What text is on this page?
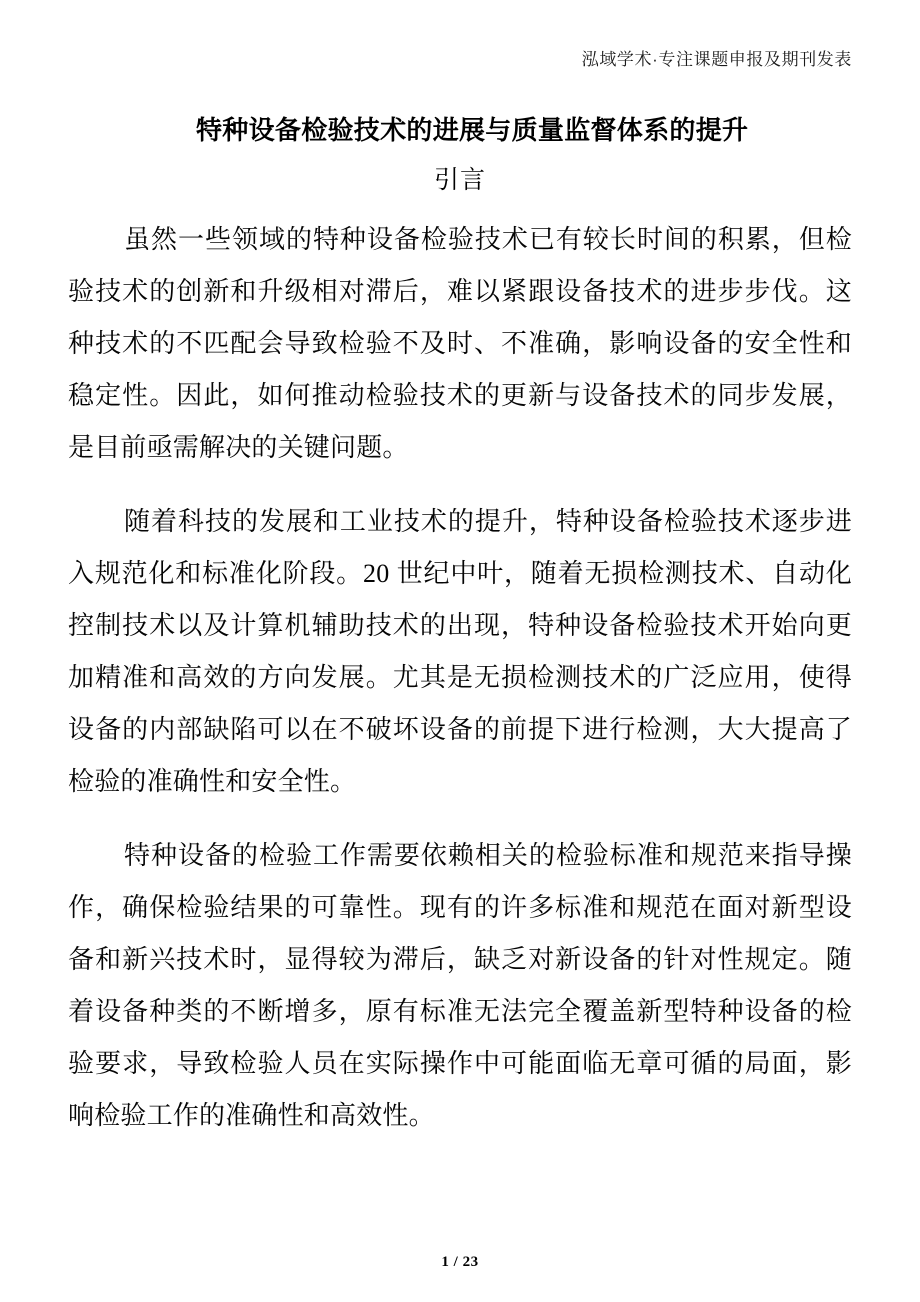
泓域学术·专注课题申报及期刊发表
特种设备检验技术的进展与质量监督体系的提升
引言

虽然一些领域的特种设备检验技术已有较长时间的积累，但检验技术的创新和升级相对滞后，难以紧跟设备技术的进步步伐。这种技术的不匹配会导致检验不及时、不准确，影响设备的安全性和稳定性。因此，如何推动检验技术的更新与设备技术的同步发展，是目前亟需解决的关键问题。

随着科技的发展和工业技术的提升，特种设备检验技术逐步进入规范化和标准化阶段。20 世纪中叶，随着无损检测技术、自动化控制技术以及计算机辅助技术的出现，特种设备检验技术开始向更加精准和高效的方向发展。尤其是无损检测技术的广泛应用，使得设备的内部缺陷可以在不破坏设备的前提下进行检测，大大提高了检验的准确性和安全性。

特种设备的检验工作需要依赖相关的检验标准和规范来指导操作，确保检验结果的可靠性。现有的许多标准和规范在面对新型设备和新兴技术时，显得较为滞后，缺乏对新设备的针对性规定。随着设备种类的不断增多，原有标准无法完全覆盖新型特种设备的检验要求，导致检验人员在实际操作中可能面临无章可循的局面，影响检验工作的准确性和高效性。

1 / 23
